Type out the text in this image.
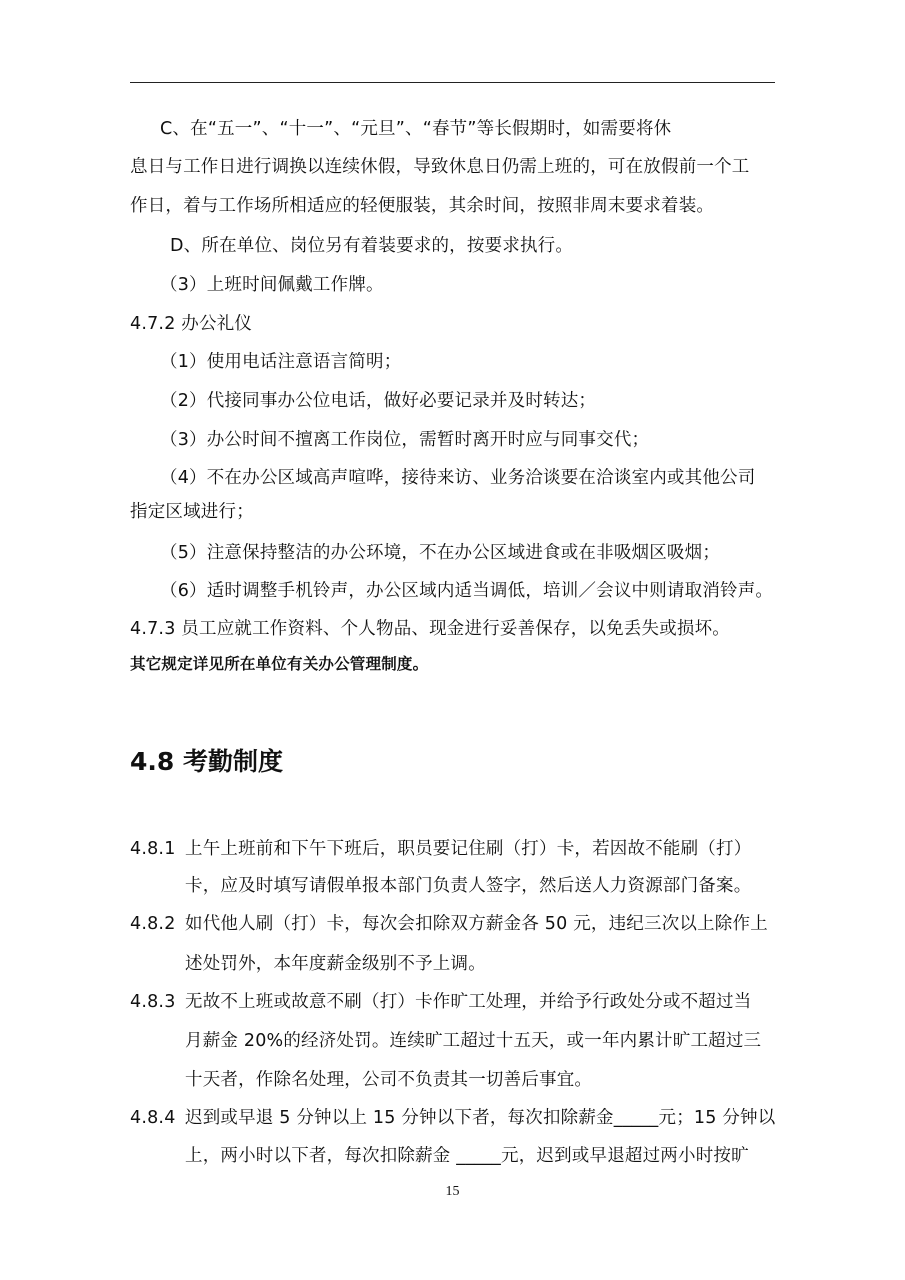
C、在“五一”、“十一”、“元旦”、“春节”等长假期时，如需要将休
息日与工作日进行调换以连续休假，导致休息日仍需上班的，可在放假前一个工
作日，着与工作场所相适应的轻便服装，其余时间，按照非周末要求着装。
D、所在单位、岗位另有着装要求的，按要求执行。
（3）上班时间佩戴工作牌。
4.7.2 办公礼仪
（1）使用电话注意语言简明；
（2）代接同事办公位电话，做好必要记录并及时转达；
（3）办公时间不擅离工作岗位，需暂时离开时应与同事交代；
（4）不在办公区域高声喧哗，接待来访、业务洽谈要在洽谈室内或其他公司
指定区域进行；
（5）注意保持整洁的办公环境，不在办公区域进食或在非吸烟区吸烟；
（6）适时调整手机铃声，办公区域内适当调低，培训／会议中则请取消铃声。
4.7.3 员工应就工作资料、个人物品、现金进行妥善保存，以免丢失或损坏。
其它规定详见所在单位有关办公管理制度。
4.8 考勤制度
4.8.1 上午上班前和下午下班后，职员要记住刷（打）卡，若因故不能刷（打）
卡，应及时填写请假单报本部门负责人签字，然后送人力资源部门备案。
4.8.2 如代他人刷（打）卡，每次会扣除双方薪金各 50 元，违纪三次以上除作上
述处罚外，本年度薪金级别不予上调。
4.8.3 无故不上班或故意不刷（打）卡作旷工处理，并给予行政处分或不超过当
月薪金 20%的经济处罚。连续旷工超过十五天，或一年内累计旷工超过三
十天者，作除名处理，公司不负责其一切善后事宜。
4.8.4 迟到或早退 5 分钟以上 15 分钟以下者，每次扣除薪金_____元；15 分钟以
上，两小时以下者，每次扣除薪金 _____元，迟到或早退超过两小时按旷
15
